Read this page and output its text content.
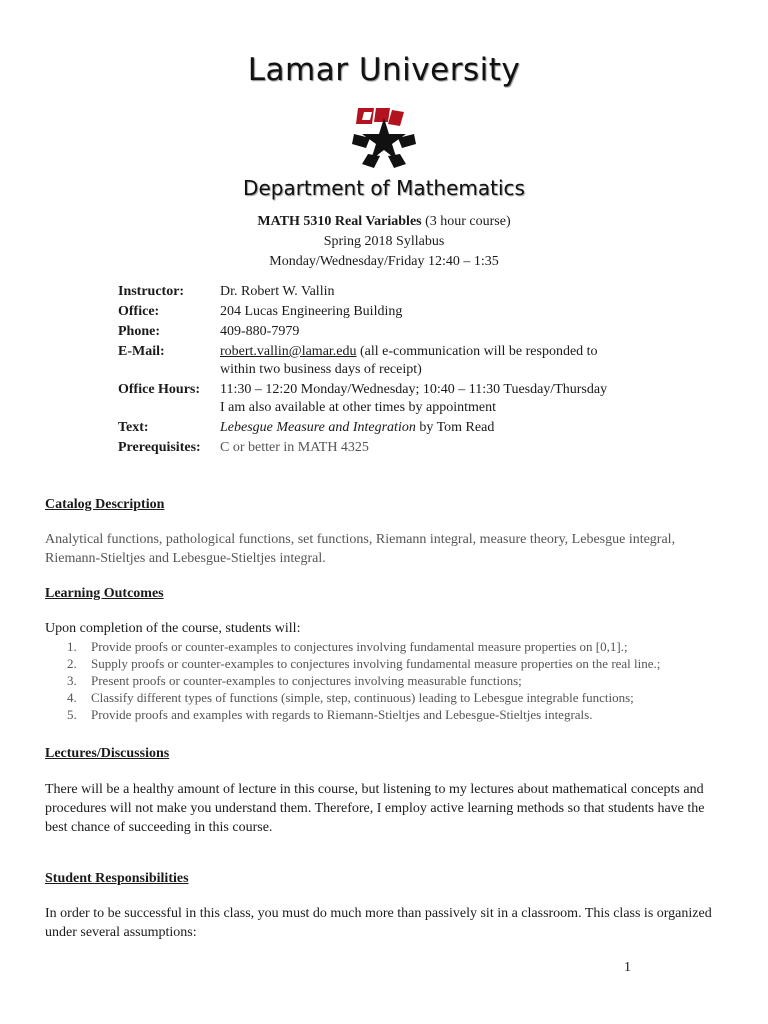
Lamar University
Department of Mathematics
MATH 5310 Real Variables (3 hour course)
Spring 2018 Syllabus
Monday/Wednesday/Friday 12:40 – 1:35
Instructor:	Dr. Robert W. Vallin
Office:	204 Lucas Engineering Building
Phone:	409-880-7979
E-Mail:	robert.vallin@lamar.edu (all e-communication will be responded to
within two business days of receipt)
Office Hours:	11:30 – 12:20 Monday/Wednesday; 10:40 – 11:30 Tuesday/Thursday
I am also available at other times by appointment
Text:	Lebesgue Measure and Integration by Tom Read
Prerequisites:	C or better in MATH 4325
Catalog Description
Analytical functions, pathological functions, set functions, Riemann integral, measure theory, Lebesgue integral, Riemann-Stieltjes and Lebesgue-Stieltjes integral.
Learning Outcomes
Upon completion of the course, students will:
1.	Provide proofs or counter-examples to conjectures involving fundamental measure properties on [0,1].;
2.	Supply proofs or counter-examples to conjectures involving fundamental measure properties on the real line.;
3.	Present proofs or counter-examples to conjectures involving measurable functions;
4.	Classify different types of functions (simple, step, continuous) leading to Lebesgue integrable functions;
5.	Provide proofs and examples with regards to Riemann-Stieltjes and Lebesgue-Stieltjes integrals.
Lectures/Discussions
There will be a healthy amount of lecture in this course, but listening to my lectures about mathematical concepts and procedures will not make you understand them. Therefore, I employ active learning methods so that students have the best chance of succeeding in this course.
Student Responsibilities
In order to be successful in this class, you must do much more than passively sit in a classroom. This class is organized under several assumptions:
1
